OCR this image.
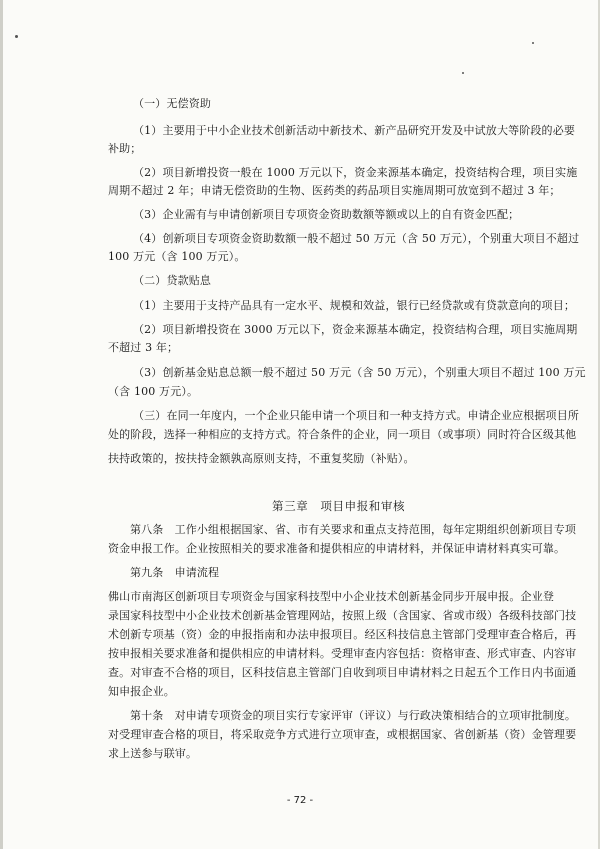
（一）无偿资助
（1）主要用于中小企业技术创新活动中新技术、新产品研究开发及中试放大等阶段的必要
补助；
（2）项目新增投资一般在 1000 万元以下，资金来源基本确定，投资结构合理，项目实施
周期不超过 2 年；申请无偿资助的生物、医药类的药品项目实施周期可放宽到不超过 3 年；
（3）企业需有与申请创新项目专项资金资助数额等额或以上的自有资金匹配；
（4）创新项目专项资金资助数额一般不超过 50 万元（含 50 万元），个别重大项目不超过
100 万元（含 100 万元）。
（二）贷款贴息
（1）主要用于支持产品具有一定水平、规模和效益，银行已经贷款或有贷款意向的项目；
（2）项目新增投资在 3000 万元以下，资金来源基本确定，投资结构合理，项目实施周期
不超过 3 年；
（3）创新基金贴息总额一般不超过 50 万元（含 50 万元），个别重大项目不超过 100 万元
（含 100 万元）。
（三）在同一年度内，一个企业只能申请一个项目和一种支持方式。申请企业应根据项目所
处的阶段，选择一种相应的支持方式。符合条件的企业，同一项目（或事项）同时符合区级其他
扶持政策的，按扶持金额孰高原则支持，不重复奖励（补贴）。
第三章　项目申报和审核
第八条　工作小组根据国家、省、市有关要求和重点支持范围，每年定期组织创新项目专项
资金申报工作。企业按照相关的要求准备和提供相应的申请材料，并保证申请材料真实可靠。
第九条　申请流程
佛山市南海区创新项目专项资金与国家科技型中小企业技术创新基金同步开展申报。企业登
录国家科技型中小企业技术创新基金管理网站，按照上级（含国家、省或市级）各级科技部门技
术创新专项基（资）金的申报指南和办法申报项目。经区科技信息主管部门受理审查合格后，再
按申报相关要求准备和提供相应的申请材料。受理审查内容包括：资格审查、形式审查、内容审
查。对审查不合格的项目，区科技信息主管部门自收到项目申请材料之日起五个工作日内书面通
知申报企业。
第十条　对申请专项资金的项目实行专家评审（评议）与行政决策相结合的立项审批制度。
对受理审查合格的项目，将采取竞争方式进行立项审查，或根据国家、省创新基（资）金管理要
求上送参与联审。
- 72 -
